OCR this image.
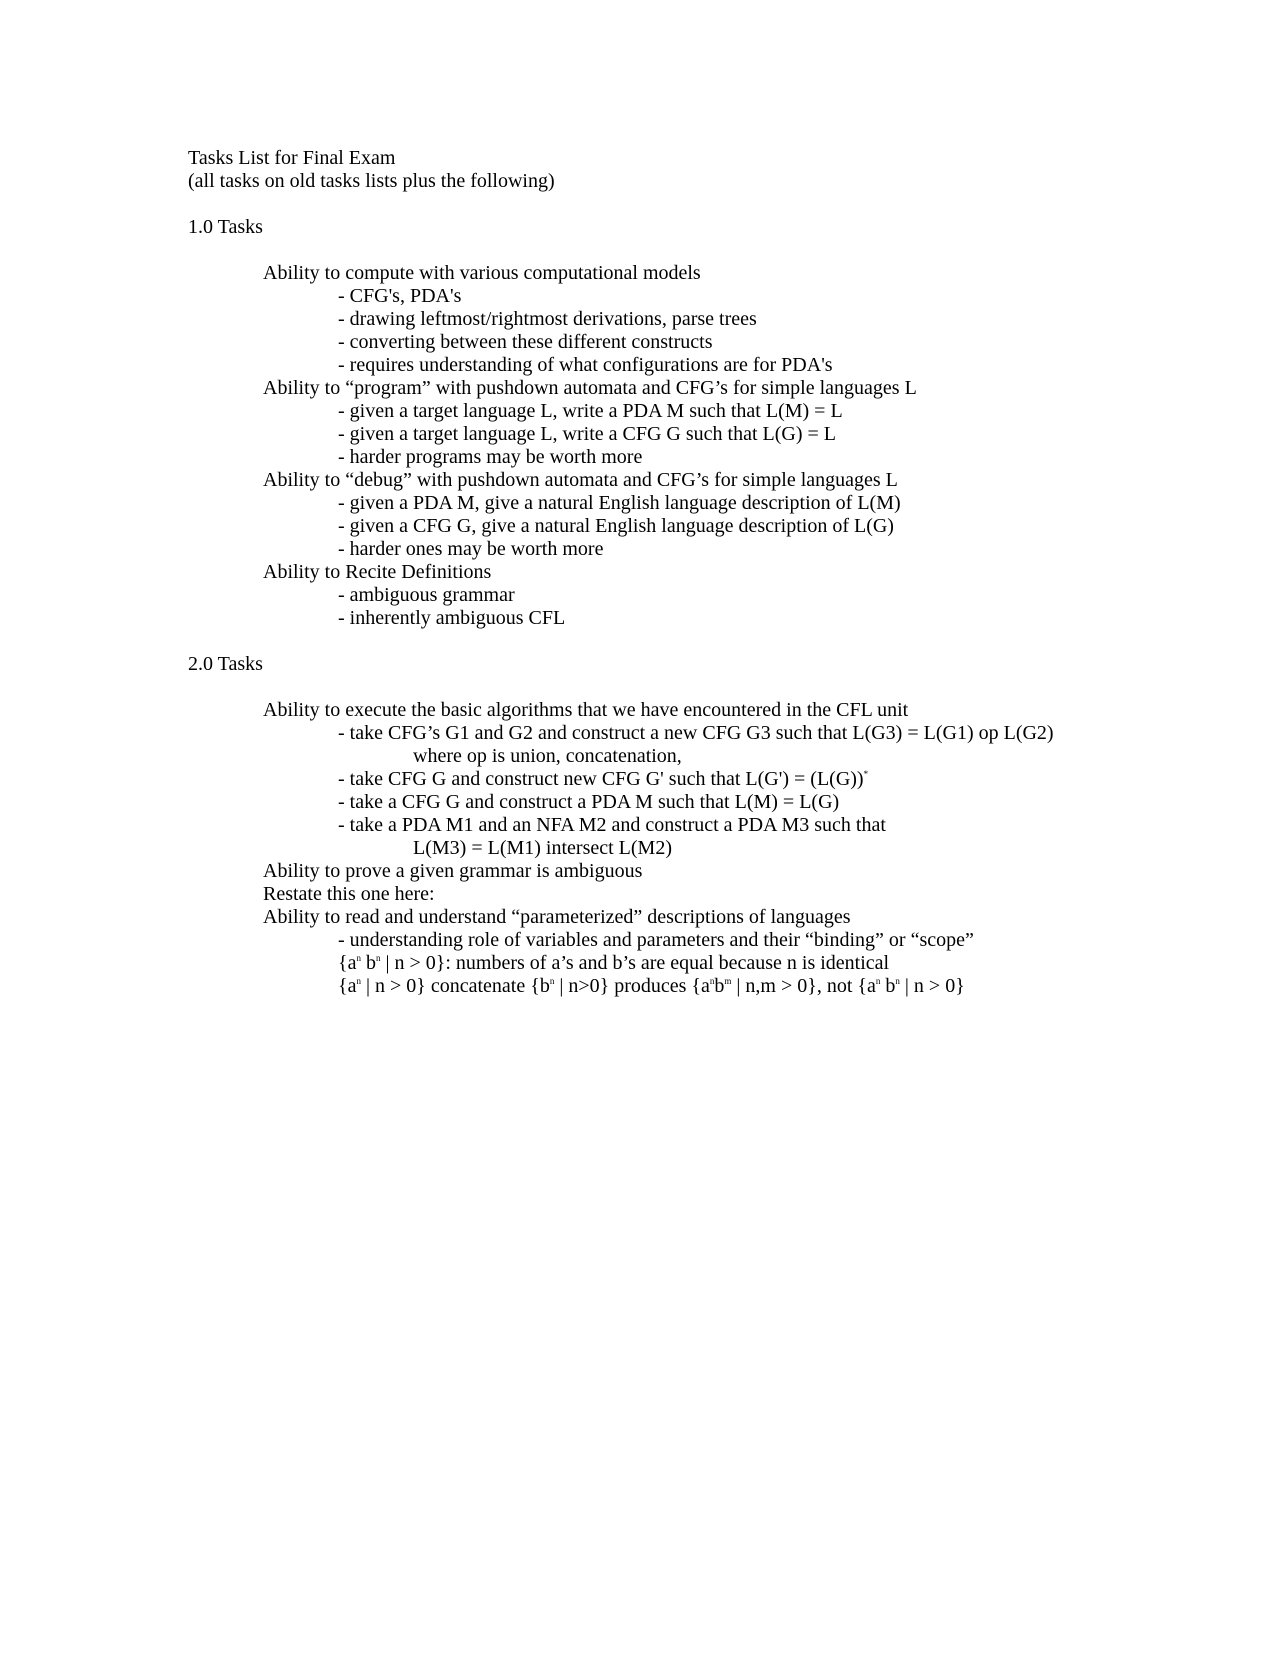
Tasks List for Final Exam
(all tasks on old tasks lists plus the following)
1.0 Tasks
Ability to compute with various computational models
- CFG's, PDA's
- drawing leftmost/rightmost derivations, parse trees
- converting between these different constructs
- requires understanding of what configurations are for PDA's
Ability to “program” with pushdown automata and CFG’s for simple languages L
- given a target language L, write a PDA M such that L(M) = L
- given a target language L, write a CFG G such that L(G) = L
- harder programs may be worth more
Ability to “debug” with pushdown automata and CFG’s for simple languages L
- given a PDA M, give a natural English language description of L(M)
- given a CFG G, give a natural English language description of L(G)
- harder ones may be worth more
Ability to Recite Definitions
- ambiguous grammar
- inherently ambiguous CFL
2.0 Tasks
Ability to execute the basic algorithms that we have encountered in the CFL unit
- take CFG’s G1 and G2 and construct a new CFG G3 such that L(G3) = L(G1) op L(G2)
where op is union, concatenation,
- take CFG G and construct new CFG G' such that L(G') = (L(G))*
- take a CFG G and construct a PDA M such that L(M) = L(G)
- take a PDA M1 and an NFA M2 and construct a PDA M3 such that
L(M3) = L(M1) intersect L(M2)
Ability to prove a given grammar is ambiguous
Restate this one here:
Ability to read and understand “parameterized” descriptions of languages
- understanding role of variables and parameters and their “binding” or “scope”
{$a^n$ $b^n$ | n > 0}: numbers of a’s and b’s are equal because n is identical
{$a^n$ | n > 0} concatenate {$b^n$ | n>0} produces {$a^nb^m$ | n,m > 0}, not {$a^n$ $b^n$ | n > 0}
